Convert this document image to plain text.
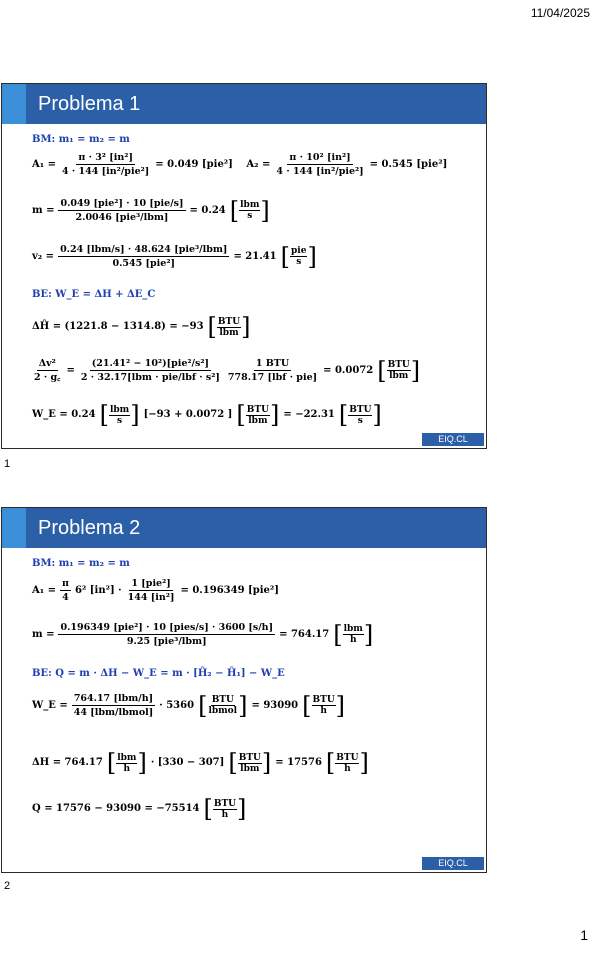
11/04/2025
Problema 1
BM: m₁ = m₂ = m
$A_1 = \frac{\text{π · 3² [in²]}}{\text{4 · 144 [in²/pie²]}} = 0.049$ [pie²]
$A_2 = \frac{\text{π · 10² [in²]}}{\text{4 · 144 [in²/pie²]}} = 0.545$ [pie²]
$m = \frac{\text{0.049 [pie²] · 10 [pie/s]}}{\text{2.0046 [pie³/lbm]}} = 0.24$ [ $\frac{\text{lbm}}{s}$ ]
$v_2 = \frac{\text{0.24 [lbm/s] · 48.624 [pie³/lbm]}}{\text{0.545 [pie²]}} = 21.41$ [ $\frac{\text{pie}}{s}$ ]
BE: W_E = ΔH + ΔE_C
ΔĤ = (1221.8 − 1314.8) = −93 [ $\frac{\text{BTU}}{\text{lbm}}$ ]
$\frac{\text{Δv²}}{2 \cdot g꜀} = \frac{\text{(21.41² − 10²)[pie²/s²]}}{\text{2 · 32.17[lbm · pie/lbf · s²]}} \frac{\text{1 BTU}}{\text{778.17 [lbf · pie]}} = 0.0072$ [ $\frac{\text{BTU}}{\text{lbm}}$ ]
W_E = 0.24 [ $\frac{\text{lbm}}{s}$ ] [−93 + 0.0072 ] [ $\frac{\text{BTU}}{\text{lbm}}$ ] = −22.31 [ $\frac{\text{BTU}}{s}$ ]
EIQ.CL
1
Problema 2
BM: m₁ = m₂ = m
$A_1 = \frac{\pi}{4} 6^2$ $[in^2] \cdot \frac{\text{1 [pie²]}}{\text{144 [in²]}} = 0.196349$ [pie²]
$m = \frac{\text{0.196349 [pie²] · 10 [pies/s] · 3600 [s/h]}}{\text{9.25 [pie³/lbm]}} = 764.17$ [ $\frac{\text{lbm}}{h}$ ]
BE: Q = m · ΔH − W_E = m · [Ĥ₂ − Ĥ₁] − W_E
W_E = $\frac{\text{764.17 [lbm/h]}}{\text{44 [lbm/lbmol]}} \cdot 5360$ [ $\frac{\text{BTU}}{\text{lbmol}}$ ] = 93090 [ $\frac{\text{BTU}}{h}$ ]
ΔH = 764.17 [ $\frac{\text{lbm}}{h}$ ] · [330 − 307] [ $\frac{\text{BTU}}{\text{lbm}}$ ] = 17576 [ $\frac{\text{BTU}}{h}$ ]
Q = 17576 − 93090 = −75514 [ $\frac{\text{BTU}}{h}$ ]
EIQ.CL
2
1
